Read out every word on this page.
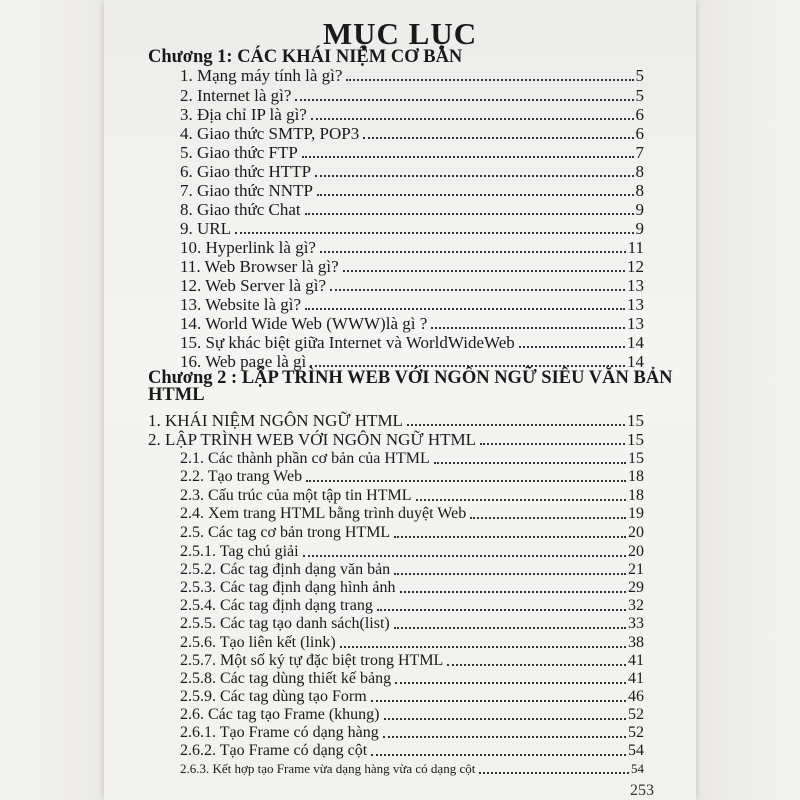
MỤC LỤC
Chương 1: CÁC KHÁI NIỆM CƠ BẢN
Chương 2 : LẬP TRÌNH WEB VỚI NGÔN NGỮ SIÊU VĂN BẢN HTML
1. Mạng máy tính là gì?	5
2. Internet là gì?	5
3. Địa chỉ IP là gì?	6
4. Giao thức SMTP, POP3	6
5. Giao thức FTP	7
6. Giao thức HTTP	8
7. Giao thức NNTP	8
8. Giao thức Chat	9
9. URL	9
10. Hyperlink là gì?	11
11. Web Browser là gì?	12
12. Web Server là gì?	13
13. Website là gì?	13
14. World Wide Web (WWW)là gì ?	13
15. Sự khác biệt giữa Internet và WorldWideWeb	14
16. Web page là gì	14
1. KHÁI NIỆM NGÔN NGỮ HTML	15
2. LẬP TRÌNH WEB VỚI NGÔN NGỮ HTML	15
2.1. Các thành phần cơ bản của HTML	15
2.2. Tạo trang Web	18
2.3. Cấu trúc của một tập tin HTML	18
2.4. Xem trang HTML bằng trình duyệt Web	19
2.5. Các tag cơ bản trong HTML	20
2.5.1. Tag chú giải	20
2.5.2. Các tag định dạng văn bản	21
2.5.3. Các tag định dạng hình ảnh	29
2.5.4. Các tag định dạng trang	32
2.5.5. Các tag tạo danh sách(list)	33
2.5.6. Tạo liên kết (link)	38
2.5.7. Một số ký tự đặc biệt trong HTML	41
2.5.8. Các tag dùng thiết kế bảng	41
2.5.9. Các tag dùng tạo Form	46
2.6. Các tag tạo Frame (khung)	52
2.6.1. Tạo Frame có dạng hàng	52
2.6.2. Tạo Frame có dạng cột	54
2.6.3. Kết hợp tạo Frame vừa dạng hàng vừa có dạng cột	54
253
